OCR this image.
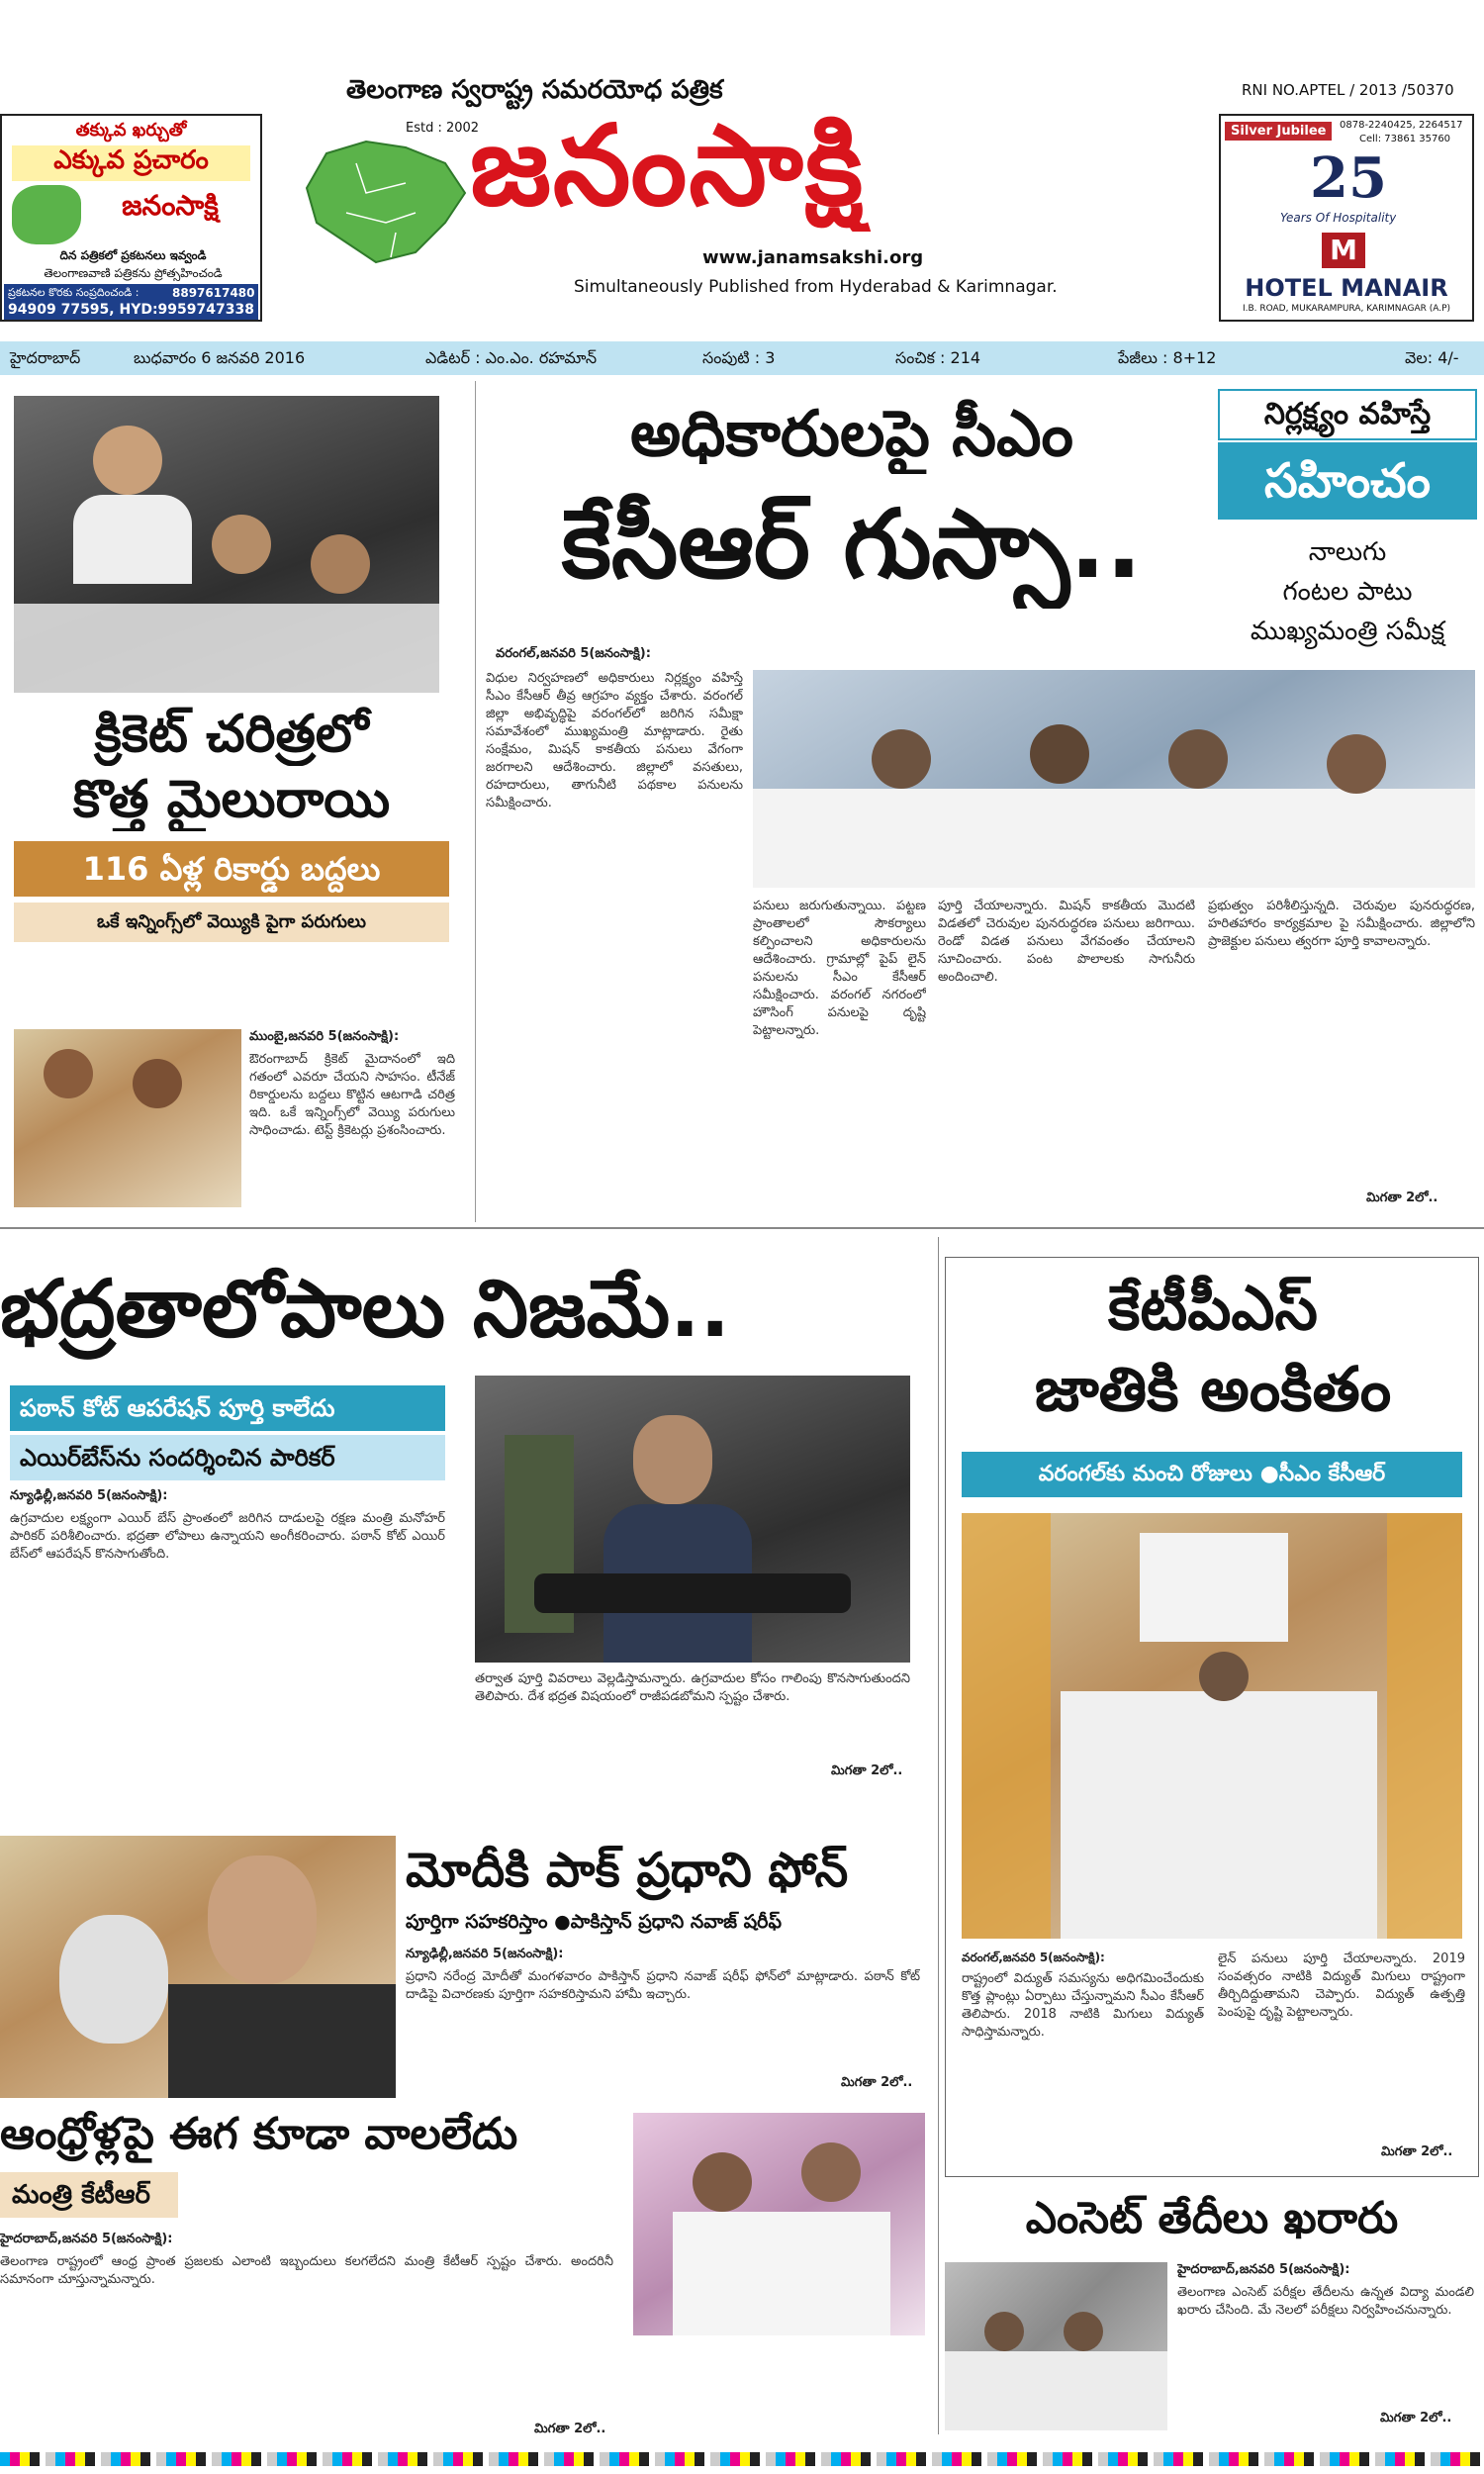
తక్కువ ఖర్చుతో
ఎక్కువ ప్రచారం
జనంసాక్షి
దిన పత్రికలో ప్రకటనలు ఇవ్వండి
తెలంగాణవాణి పత్రికను ప్రోత్సహించండి
ప్రకటనల కొరకు సంప్రదించండి :	8897617480
94909 77595, HYD:9959747338
తెలంగాణ స్వరాష్ట్ర సమరయోధ పత్రిక
Estd : 2002
జనంసాక్షి
www.janamsakshi.org
Simultaneously Published from Hyderabad & Karimnagar.
RNI NO.APTEL / 2013 /50370
Silver Jubilee	0878-2240425, 2264517
Cell: 73861 35760
25
Years Of Hospitality
M
HOTEL MANAIR
I.B. ROAD, MUKARAMPURA, KARIMNAGAR (A.P)
హైదరాబాద్	బుధవారం 6 జనవరి 2016	ఎడిటర్ : ఎం.ఎం. రహమాన్	సంపుటి : 3	సంచిక : 214	పేజీలు : 8+12	వెల: 4/-
క్రికెట్ చరిత్రలో
కొత్త మైలురాయి
116 ఏళ్ల రికార్డు బద్దలు
ఒకే ఇన్నింగ్స్‌లో వెయ్యికి పైగా పరుగులు
ముంబై,జనవరి 5(జనంసాక్షి):
ఔరంగాబాద్ క్రికెట్ మైదానంలో ఇది గతంలో ఎవరూ చేయని సాహసం. టీనేజ్ రికార్డులను బద్దలు కొట్టిన ఆటగాడి చరిత్ర ఇది. ఒకే ఇన్నింగ్స్‌లో వెయ్యి పరుగులు సాధించాడు. టెస్ట్ క్రికెటర్లు ప్రశంసించారు.
అధికారులపై సీఎం
కేసీఆర్ గుస్సా..
నిర్లక్ష్యం వహిస్తే
సహించం
నాలుగు
గంటల పాటు
ముఖ్యమంత్రి సమీక్ష
వరంగల్,జనవరి 5(జనంసాక్షి):
విధుల నిర్వహణలో అధికారులు నిర్లక్ష్యం వహిస్తే సీఎం కేసీఆర్ తీవ్ర ఆగ్రహం వ్యక్తం చేశారు. వరంగల్ జిల్లా అభివృద్ధిపై వరంగల్‌లో జరిగిన సమీక్షా సమావేశంలో ముఖ్యమంత్రి మాట్లాడారు. రైతు సంక్షేమం, మిషన్ కాకతీయ పనులు వేగంగా జరగాలని ఆదేశించారు. జిల్లాలో వసతులు, రహదారులు, తాగునీటి పథకాల పనులను సమీక్షించారు.
పనులు జరుగుతున్నాయి. పట్టణ ప్రాంతాలలో సౌకర్యాలు కల్పించాలని అధికారులను ఆదేశించారు. గ్రామాల్లో పైప్ లైన్ పనులను సీఎం కేసీఆర్ సమీక్షించారు. వరంగల్ నగరంలో హౌసింగ్ పనులపై దృష్టి పెట్టాలన్నారు.
పూర్తి చేయాలన్నారు. మిషన్ కాకతీయ మొదటి విడతలో చెరువుల పునరుద్ధరణ పనులు జరిగాయి. రెండో విడత పనులు వేగవంతం చేయాలని సూచించారు. పంట పొలాలకు సాగునీరు అందించాలి.
ప్రభుత్వం పరిశీలిస్తున్నది. చెరువుల పునరుద్ధరణ, హరితహారం కార్యక్రమాల పై సమీక్షించారు. జిల్లాలోని ప్రాజెక్టుల పనులు త్వరగా పూర్తి కావాలన్నారు.
మిగతా 2లో..
భద్రతాలోపాలు నిజమే..
పఠాన్ కోట్ ఆపరేషన్ పూర్తి కాలేదు
ఎయిర్‌బేస్‌ను సందర్శించిన పారికర్
న్యూఢిల్లీ,జనవరి 5(జనంసాక్షి):
ఉగ్రవాదుల లక్ష్యంగా ఎయిర్ బేస్ ప్రాంతంలో జరిగిన దాడులపై రక్షణ మంత్రి మనోహర్ పారికర్ పరిశీలించారు. భద్రతా లోపాలు ఉన్నాయని అంగీకరించారు. పఠాన్ కోట్ ఎయిర్ బేస్‌లో ఆపరేషన్ కొనసాగుతోంది.
తర్వాత పూర్తి వివరాలు వెల్లడిస్తామన్నారు. ఉగ్రవాదుల కోసం గాలింపు కొనసాగుతుందని తెలిపారు. దేశ భద్రత విషయంలో రాజీపడబోమని స్పష్టం చేశారు.
మిగతా 2లో..
మోదీకి పాక్ ప్రధాని ఫోన్
పూర్తిగా సహకరిస్తాం ●పాకిస్తాన్ ప్రధాని నవాజ్ షరీఫ్
న్యూఢిల్లీ,జనవరి 5(జనంసాక్షి):
ప్రధాని నరేంద్ర మోదీతో మంగళవారం పాకిస్తాన్ ప్రధాని నవాజ్ షరీఫ్ ఫోన్‌లో మాట్లాడారు. పఠాన్ కోట్ దాడిపై విచారణకు పూర్తిగా సహకరిస్తామని హామీ ఇచ్చారు.
మిగతా 2లో..
ఆంధ్రోళ్లపై ఈగ కూడా వాలలేదు
మంత్రి కేటీఆర్
హైదరాబాద్,జనవరి 5(జనంసాక్షి):
తెలంగాణ రాష్ట్రంలో ఆంధ్ర ప్రాంత ప్రజలకు ఎలాంటి ఇబ్బందులు కలగలేదని మంత్రి కేటీఆర్ స్పష్టం చేశారు. అందరినీ సమానంగా చూస్తున్నామన్నారు.
మిగతా 2లో..
కేటీపీఎస్
జాతికి అంకితం
వరంగల్‌కు మంచి రోజులు ●సీఎం కేసీఆర్
వరంగల్,జనవరి 5(జనంసాక్షి):
రాష్ట్రంలో విద్యుత్ సమస్యను అధిగమించేందుకు కొత్త ప్లాంట్లు ఏర్పాటు చేస్తున్నామని సీఎం కేసీఆర్ తెలిపారు. 2018 నాటికి మిగులు విద్యుత్ సాధిస్తామన్నారు.
లైన్ పనులు పూర్తి చేయాలన్నారు. 2019 సంవత్సరం నాటికి విద్యుత్ మిగులు రాష్ట్రంగా తీర్చిదిద్దుతామని చెప్పారు. విద్యుత్ ఉత్పత్తి పెంపుపై దృష్టి పెట్టాలన్నారు.
మిగతా 2లో..
ఎంసెట్ తేదీలు ఖరారు
హైదరాబాద్,జనవరి 5(జనంసాక్షి):
తెలంగాణ ఎంసెట్ పరీక్షల తేదీలను ఉన్నత విద్యా మండలి ఖరారు చేసింది. మే నెలలో పరీక్షలు నిర్వహించనున్నారు.
మిగతా 2లో..
